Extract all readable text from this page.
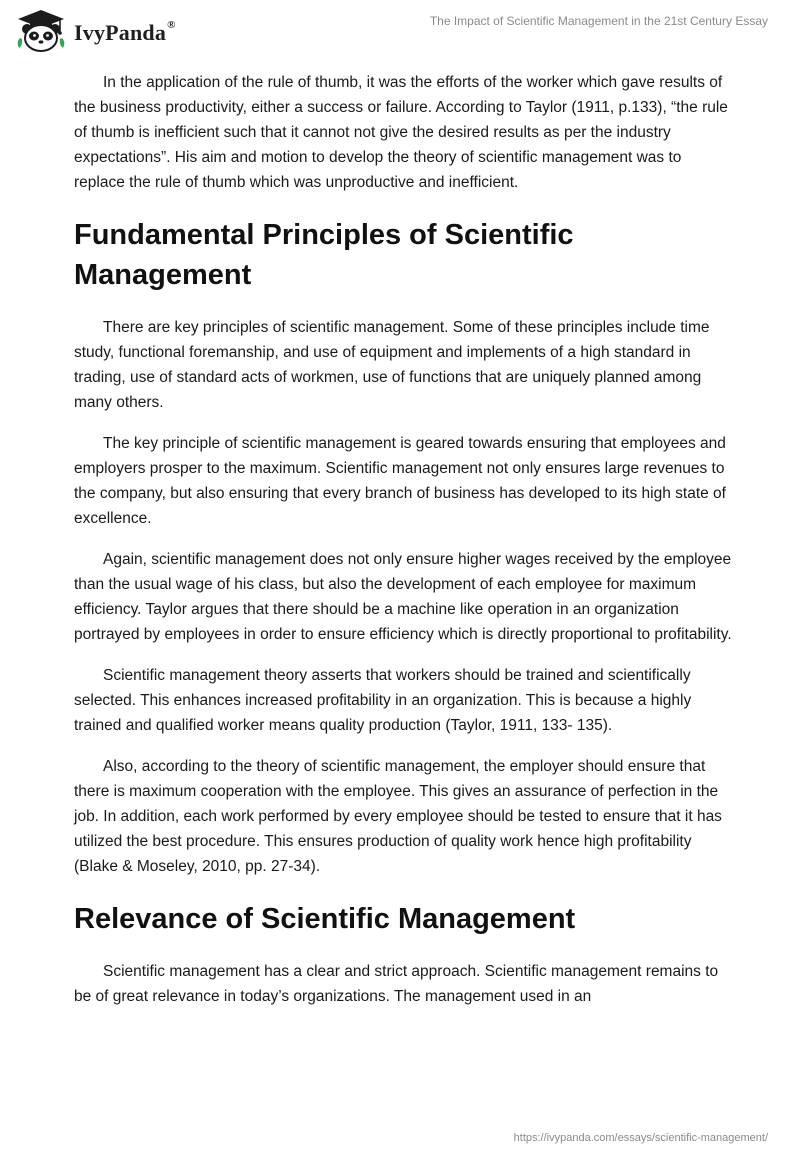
IvyPanda®	The Impact of Scientific Management in the 21st Century Essay

In the application of the rule of thumb, it was the efforts of the worker which gave results of the business productivity, either a success or failure. According to Taylor (1911, p.133), “the rule of thumb is inefficient such that it cannot not give the desired results as per the industry expectations”. His aim and motion to develop the theory of scientific management was to replace the rule of thumb which was unproductive and inefficient.

Fundamental Principles of Scientific Management

There are key principles of scientific management. Some of these principles include time study, functional foremanship, and use of equipment and implements of a high standard in trading, use of standard acts of workmen, use of functions that are uniquely planned among many others.

The key principle of scientific management is geared towards ensuring that employees and employers prosper to the maximum. Scientific management not only ensures large revenues to the company, but also ensuring that every branch of business has developed to its high state of excellence.

Again, scientific management does not only ensure higher wages received by the employee than the usual wage of his class, but also the development of each employee for maximum efficiency. Taylor argues that there should be a machine like operation in an organization portrayed by employees in order to ensure efficiency which is directly proportional to profitability.

Scientific management theory asserts that workers should be trained and scientifically selected. This enhances increased profitability in an organization. This is because a highly trained and qualified worker means quality production (Taylor, 1911, 133- 135).

Also, according to the theory of scientific management, the employer should ensure that there is maximum cooperation with the employee. This gives an assurance of perfection in the job. In addition, each work performed by every employee should be tested to ensure that it has utilized the best procedure. This ensures production of quality work hence high profitability (Blake & Moseley, 2010, pp. 27-34).

Relevance of Scientific Management

Scientific management has a clear and strict approach. Scientific management remains to be of great relevance in today’s organizations. The management used in an

https://ivypanda.com/essays/scientific-management/
